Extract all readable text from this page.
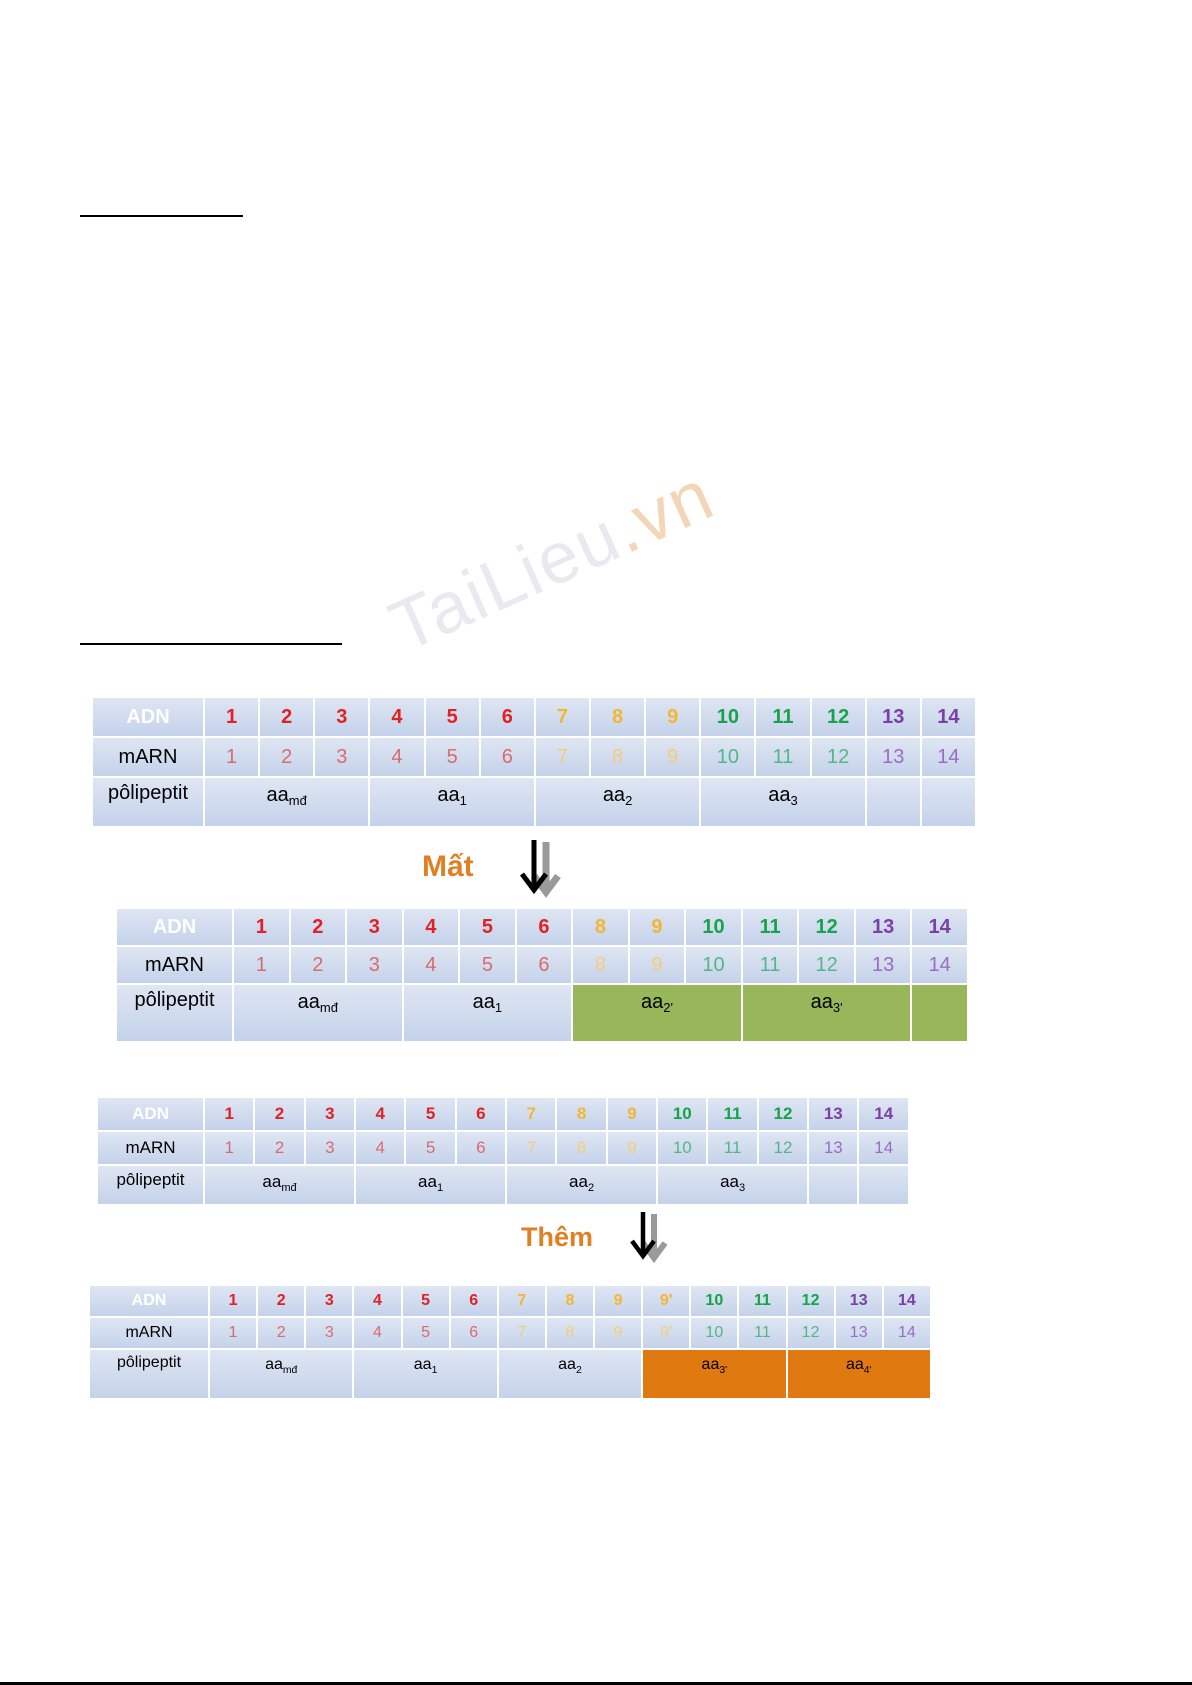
TaiLieu.vn
ADN	1	2	3	4	5	6	7	8	9	10	11	12	13	14
mARN	1	2	3	4	5	6	7	8	9	10	11	12	13	14
pôlipeptit	$aa_{mđ}$			$aa_1$			$aa_2$			$aa_3$		
Mất
ADN	1	2	3	4	5	6	8	9	10	11	12	13	14
mARN	1	2	3	4	5	6	8	9	10	11	12	13	14
pôlipeptit	$aa_{mđ}$			$aa_1$			$aa_{2'}$			$aa_{3'}$	
ADN	1	2	3	4	5	6	7	8	9	10	11	12	13	14
mARN	1	2	3	4	5	6	7	8	9	10	11	12	13	14
pôlipeptit	$aa_{mđ}$			$aa_1$			$aa_2$			$aa_3$		
Thêm
ADN	1	2	3	4	5	6	7	8	9	9'	10	11	12	13	14
mARN	1	2	3	4	5	6	7	8	9	9'	10	11	12	13	14
pôlipeptit	$aa_{mđ}$			$aa_1$			$aa_2$			$aa_{3'}$			$aa_{4'}$
